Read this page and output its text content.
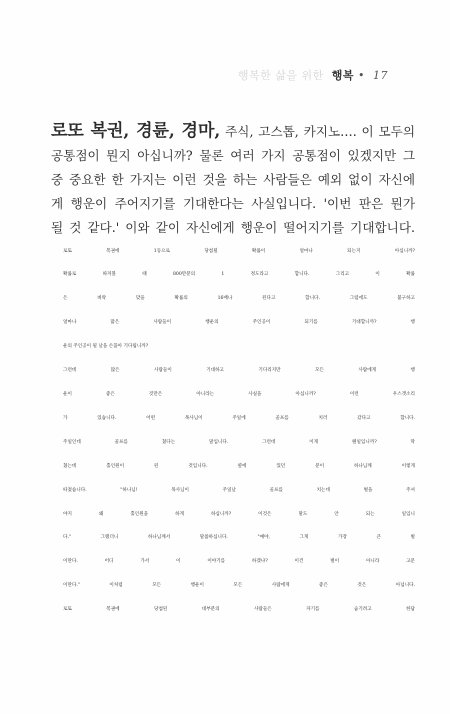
행복한 삶을 위한 행복 • 17

로또 복권, 경륜, 경마, 주식, 고스톱, 카지노…. 이 모두의
공통점이 뭔지 아십니까? 물론 여러 가지 공통점이 있겠지만 그
중 중요한 한 가지는 이런 것을 하는 사람들은 예외 없이 자신에
게 행운이 주어지기를 기대한다는 사실입니다. '이번 판은 뭔가
될 것 같다.' 이와 같이 자신에게 행운이 떨어지기를 기대합니다.

로또 복권에 1등으로 당첨될 확률이 얼마나 되는지 아십니까?
확률로 따져볼 때 800만분의 1 정도라고 합니다. 그리고 이 확률
은 벼락 맞을 확률의 16배나 된다고 합니다. 그럼에도 불구하고
얼마나 많은 사람들이 행운의 주인공이 되기를 기대합니까? 행
운의 주인공이 될 날을 손꼽아 기다립니까?

그런데 많은 사람들이 기대하고 기다리지만 모든 사람에게 행
운이 좋은 것만은 아니라는 사실을 아십니까? 이런 우스갯소리
가 있습니다. 어떤 목사님이 주일에 골프를 치러 갔다고 합니다.
주일인데 골프를 쳤다는 말입니다. 그런데 이게 웬일입니까? 딱
쳤는데 홀인원이 된 것입니다. 옆에 있던 분이 하나님께 이렇게
따졌습니다. "하나님! 목사님이 주일날 골프를 치는데 벌을 주셔
야지 왜 홀인원을 하게 하십니까? 이것은 말도 안 되는 일입니
다." 그랬더니 하나님께서 말씀하십니다. "얘야, 그게 가장 큰 벌
이란다. 어디 가서 이 이야기를 하겠냐? 이건 벌이 아니라 고문
이란다." 이처럼 모든 행운이 모든 사람에게 좋은 것은 아닙니다.

로또 복권에 당첨된 대부분의 사람들은 자기를 숨기려고 한답
